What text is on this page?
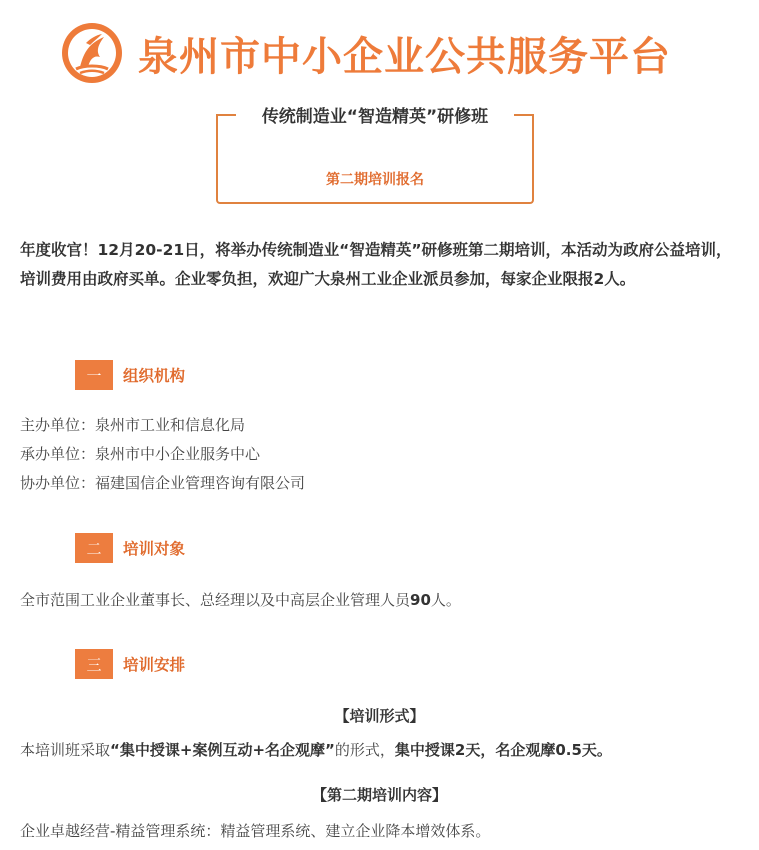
泉州市中小企业公共服务平台
传统制造业“智造精英”研修班
第二期培训报名
年度收官！12月20-21日，将举办传统制造业“智造精英”研修班第二期培训，本活动为政府公益培训，培训费用由政府买单。企业零负担，欢迎广大泉州工业企业派员参加，每家企业限报2人。
一	组织机构
主办单位：泉州市工业和信息化局
承办单位：泉州市中小企业服务中心
协办单位：福建国信企业管理咨询有限公司
二	培训对象
全市范围工业企业董事长、总经理以及中高层企业管理人员90人。
三	培训安排
【培训形式】
本培训班采取“集中授课+案例互动+名企观摩”的形式，集中授课2天，名企观摩0.5天。
【第二期培训内容】
企业卓越经营-精益管理系统：精益管理系统、建立企业降本增效体系。
